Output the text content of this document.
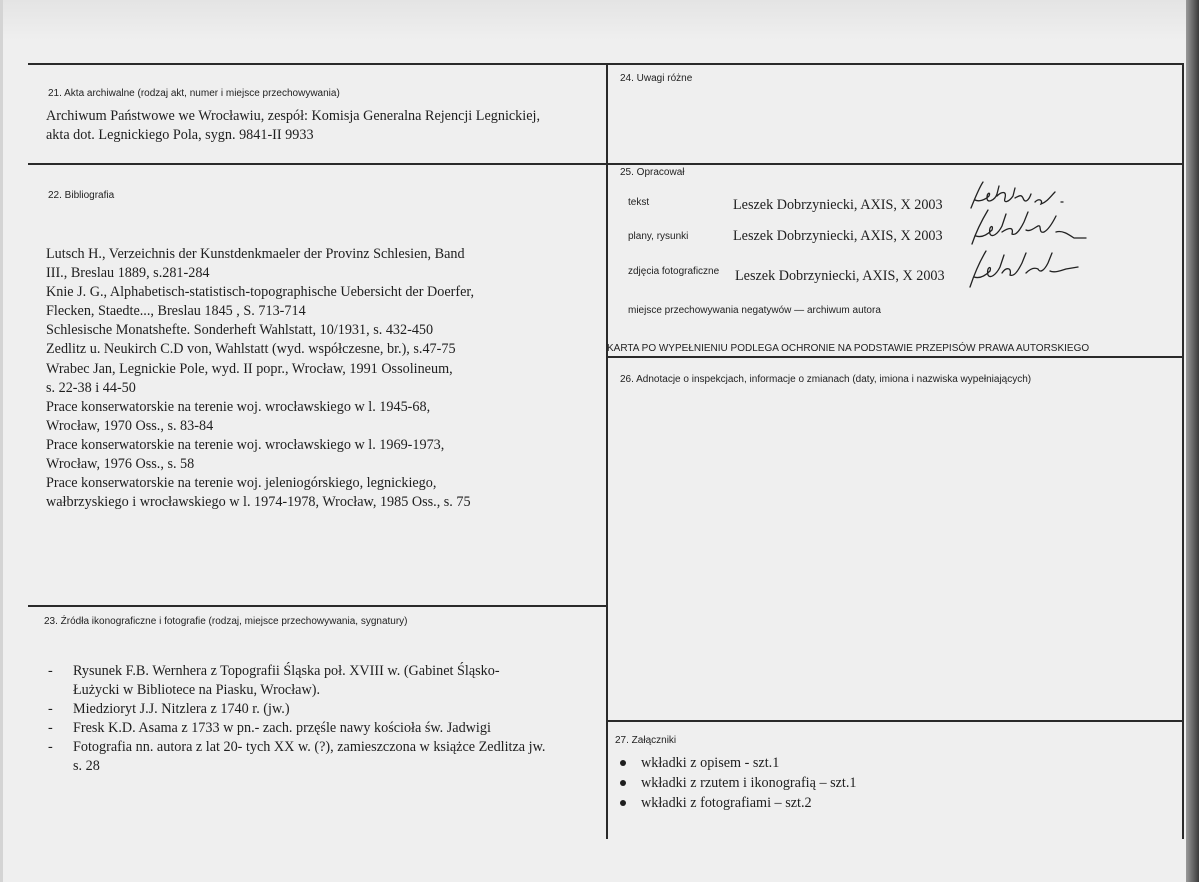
21. Akta archiwalne (rodzaj akt, numer i miejsce przechowywania)
Archiwum Państwowe we Wrocławiu, zespół: Komisja Generalna Rejencji Legnickiej,
akta dot. Legnickiego Pola, sygn. 9841-II 9933
24. Uwagi różne
22. Bibliografia
Lutsch H., Verzeichnis der Kunstdenkmaeler der Provinz Schlesien, Band
III., Breslau 1889, s.281-284
Knie J. G., Alphabetisch-statistisch-topographische Uebersicht der Doerfer,
Flecken, Staedte..., Breslau 1845 , S. 713-714
Schlesische Monatshefte. Sonderheft Wahlstatt, 10/1931, s. 432-450
Zedlitz u. Neukirch C.D von, Wahlstatt (wyd. współczesne, br.), s.47-75
Wrabec Jan, Legnickie Pole, wyd. II popr., Wrocław, 1991 Ossolineum,
s. 22-38 i 44-50
Prace konserwatorskie na terenie woj. wrocławskiego w l. 1945-68,
Wrocław, 1970 Oss., s. 83-84
Prace konserwatorskie na terenie woj. wrocławskiego w l. 1969-1973,
Wrocław, 1976 Oss., s. 58
Prace konserwatorskie na terenie woj. jeleniogórskiego, legnickiego,
wałbrzyskiego i wrocławskiego w l. 1974-1978, Wrocław, 1985 Oss., s. 75
25. Opracował
tekst	Leszek Dobrzyniecki, AXIS, X 2003
plany, rysunki	Leszek Dobrzyniecki, AXIS, X 2003
zdjęcia fotograficzne Leszek Dobrzyniecki, AXIS, X 2003
miejsce przechowywania negatywów — archiwum autora
KARTA PO WYPEŁNIENIU PODLEGA OCHRONIE NA PODSTAWIE PRZEPISÓW PRAWA AUTORSKIEGO
26. Adnotacje o inspekcjach, informacje o zmianach (daty, imiona i nazwiska wypełniających)
23. Źródła ikonograficzne i fotografie (rodzaj, miejsce przechowywania, sygnatury)
- Rysunek F.B. Wernhera z Topografii Śląska poł. XVIII w. (Gabinet Śląsko-
Łużycki w Bibliotece na Piasku, Wrocław).
- Miedzioryt J.J. Nitzlera z 1740 r. (jw.)
- Fresk K.D. Asama z 1733 w pn.- zach. przęśle nawy kościoła św. Jadwigi
- Fotografia nn. autora z lat 20- tych XX w. (?), zamieszczona w książce Zedlitza jw.
s. 28
27. Załączniki
wkładki z opisem - szt.1
wkładki z rzutem i ikonografią – szt.1
wkładki z fotografiami – szt.2
